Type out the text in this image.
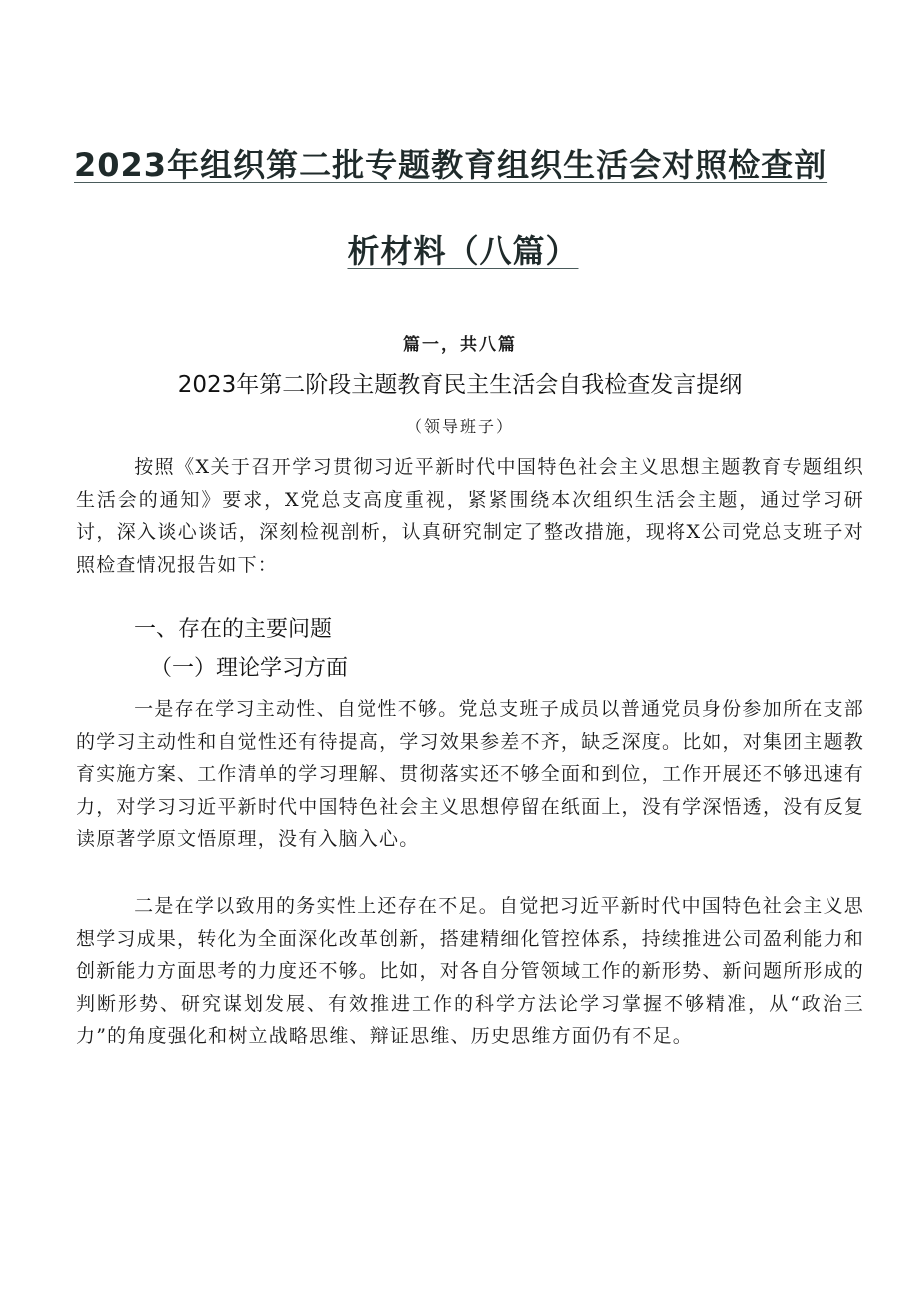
2023年组织第二批专题教育组织生活会对照检查剖
析材料（八篇）
篇一，共八篇
2023年第二阶段主题教育民主生活会自我检查发言提纲
（领导班子）

按照《X关于召开学习贯彻习近平新时代中国特色社会主义思想主题教育专题组织生活会的通知》要求，X党总支高度重视，紧紧围绕本次组织生活会主题，通过学习研讨，深入谈心谈话，深刻检视剖析，认真研究制定了整改措施，现将X公司党总支班子对照检查情况报告如下：

一、存在的主要问题
（一）理论学习方面

一是存在学习主动性、自觉性不够。党总支班子成员以普通党员身份参加所在支部的学习主动性和自觉性还有待提高，学习效果参差不齐，缺乏深度。比如，对集团主题教育实施方案、工作清单的学习理解、贯彻落实还不够全面和到位，工作开展还不够迅速有力，对学习习近平新时代中国特色社会主义思想停留在纸面上，没有学深悟透，没有反复读原著学原文悟原理，没有入脑入心。

二是在学以致用的务实性上还存在不足。自觉把习近平新时代中国特色社会主义思想学习成果，转化为全面深化改革创新，搭建精细化管控体系，持续推进公司盈利能力和创新能力方面思考的力度还不够。比如，对各自分管领域工作的新形势、新问题所形成的判断形势、研究谋划发展、有效推进工作的科学方法论学习掌握不够精准，从“政治三力”的角度强化和树立战略思维、辩证思维、历史思维方面仍有不足。
